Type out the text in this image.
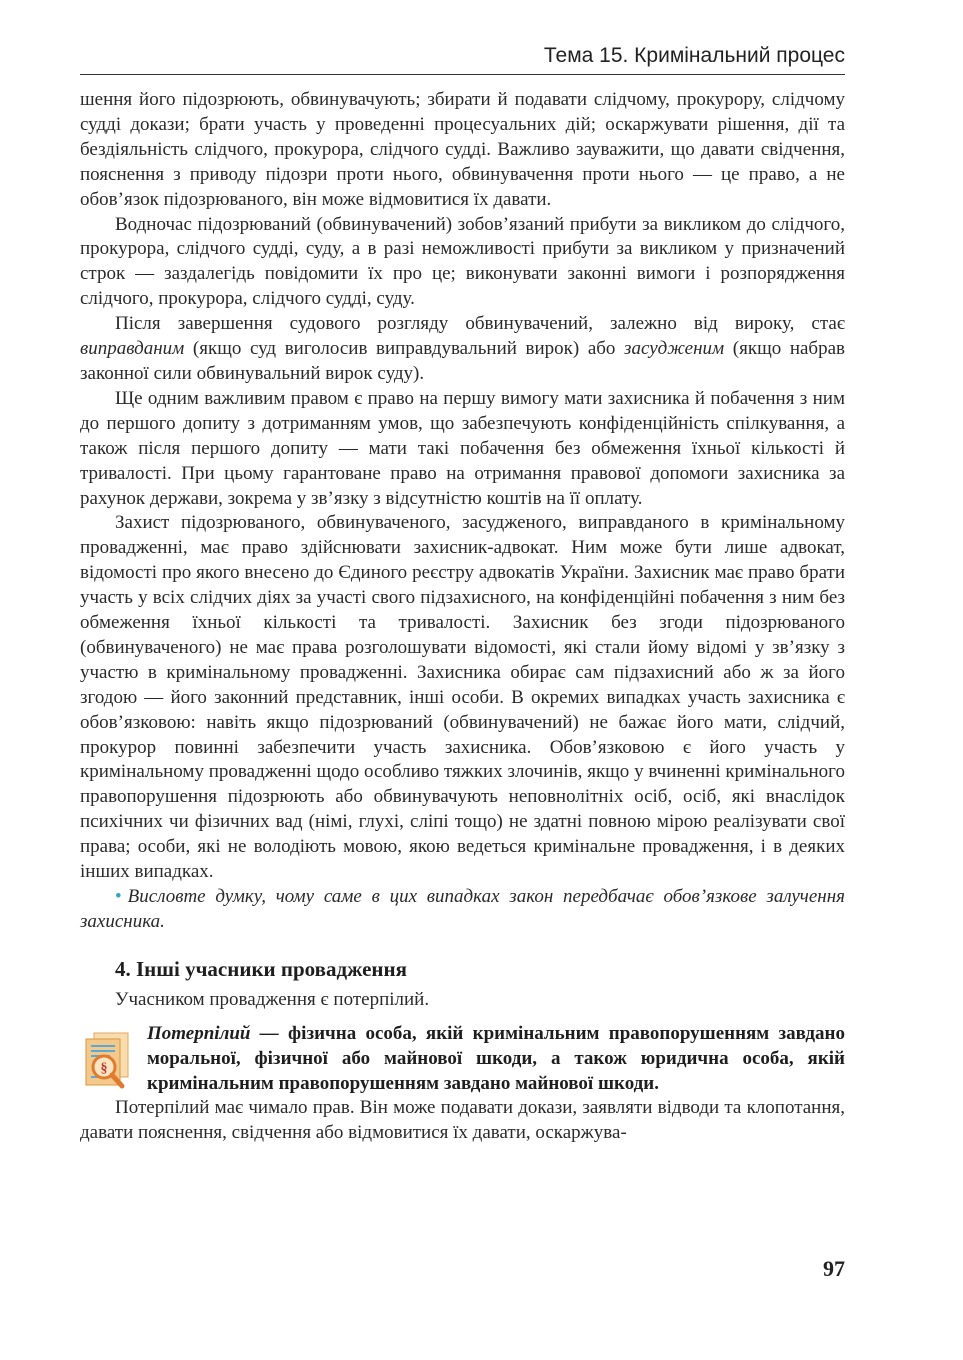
Тема 15. Кримінальний процес

шення його підозрюють, обвинувачують; збирати й подавати слідчому, прокурору, слідчому судді докази; брати участь у проведенні процесуальних дій; оскаржувати рішення, дії та бездіяльність слідчого, прокурора, слідчого судді. Важливо зауважити, що давати свідчення, пояснення з приводу підозри проти нього, обвинувачення проти нього — це право, а не обов’язок підозрюваного, він може відмовитися їх давати.

Водночас підозрюваний (обвинувачений) зобов’язаний прибути за викликом до слідчого, прокурора, слідчого судді, суду, а в разі неможливості прибути за викликом у призначений строк — заздалегідь повідомити їх про це; виконувати законні вимоги і розпорядження слідчого, прокурора, слідчого судді, суду.

Після завершення судового розгляду обвинувачений, залежно від вироку, стає виправданим (якщо суд виголосив виправдувальний вирок) або засудженим (якщо набрав законної сили обвинувальний вирок суду).

Ще одним важливим правом є право на першу вимогу мати захисника й побачення з ним до першого допиту з дотриманням умов, що забезпечують конфіденційність спілкування, а також після першого допиту — мати такі побачення без обмеження їхньої кількості й тривалості. При цьому гарантоване право на отримання правової допомоги захисника за рахунок держави, зокрема у зв’язку з відсутністю коштів на її оплату.

Захист підозрюваного, обвинуваченого, засудженого, виправданого в кримінальному провадженні, має право здійснювати захисник-адвокат. Ним може бути лише адвокат, відомості про якого внесено до Єдиного реєстру адвокатів України. Захисник має право брати участь у всіх слідчих діях за участі свого підзахисного, на конфіденційні побачення з ним без обмеження їхньої кількості та тривалості. Захисник без згоди підозрюваного (обвинуваченого) не має права розголошувати відомості, які стали йому відомі у зв’язку з участю в кримінальному провадженні. Захисника обирає сам підзахисний або ж за його згодою — його законний представник, інші особи. В окремих випадках участь захисника є обов’язковою: навіть якщо підозрюваний (обвинувачений) не бажає його мати, слідчий, прокурор повинні забезпечити участь захисника. Обов’язковою є його участь у кримінальному провадженні щодо особливо тяжких злочинів, якщо у вчиненні кримінального правопорушення підозрюють або обвинувачують неповнолітніх осіб, осіб, які внаслідок психічних чи фізичних вад (німі, глухі, сліпі тощо) не здатні повною мірою реалізувати свої права; особи, які не володіють мовою, якою ведеться кримінальне провадження, і в деяких інших випадках.

• Висловте думку, чому саме в цих випадках закон передбачає обов’язкове залучення захисника.

4. Інші учасники провадження

Учасником провадження є потерпілий.

§

Потерпілий — фізична особа, якій кримінальним правопорушенням завдано моральної, фізичної або майнової шкоди, а також юридична особа, якій кримінальним правопорушенням завдано майнової шкоди.

Потерпілий має чимало прав. Він може подавати докази, заявляти відводи та клопотання, давати пояснення, свідчення або відмовитися їх давати, оскаржува-

97
